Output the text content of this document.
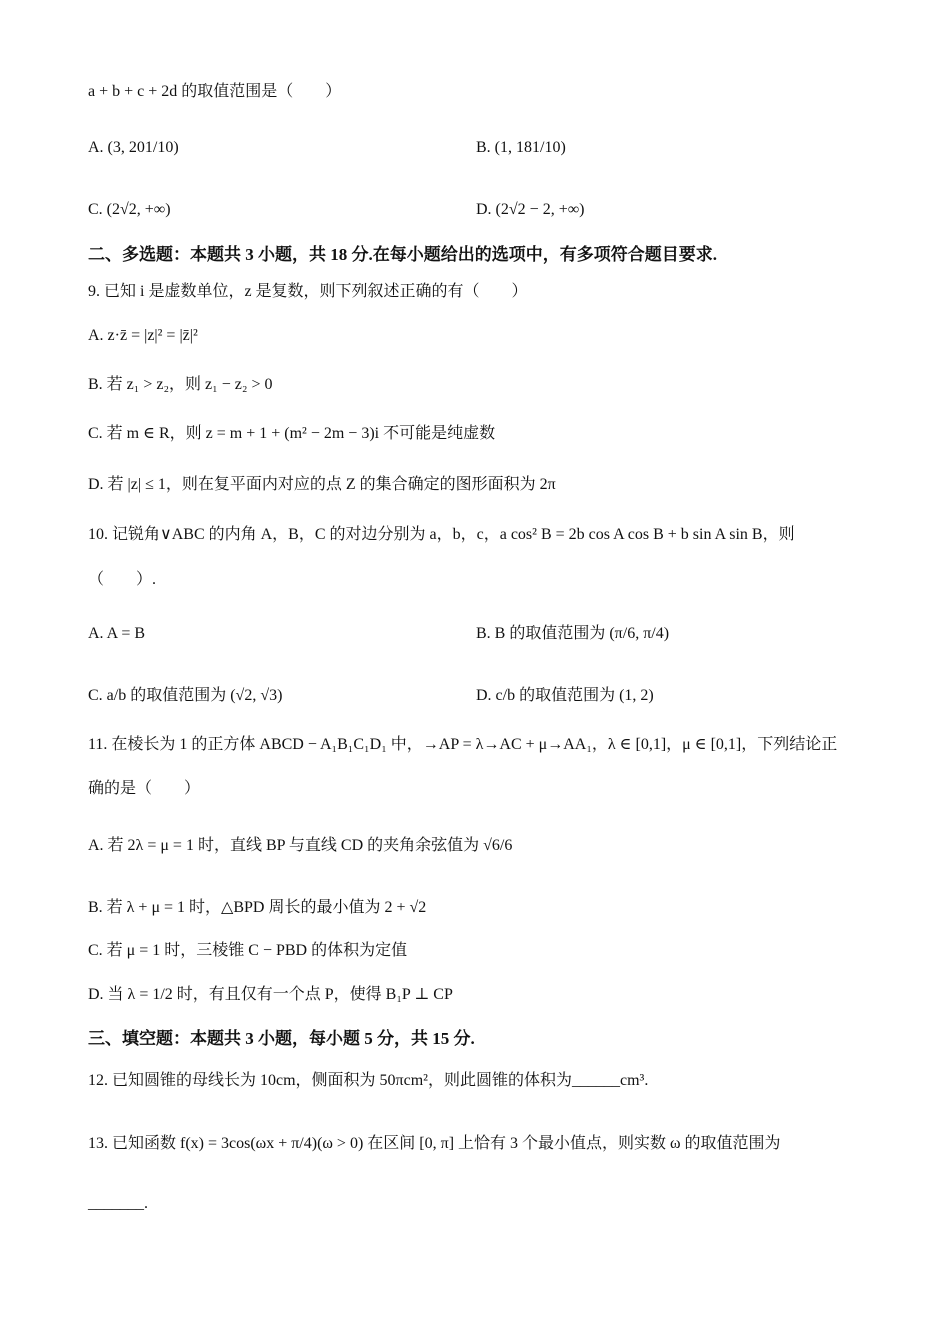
a + b + c + 2d 的取值范围是（　　）
A. (3, 201/10)	B. (1, 181/10)
C. (2√2, +∞)	D. (2√2 − 2, +∞)
二、多选题：本题共 3 小题，共 18 分.在每小题给出的选项中，有多项符合题目要求.
9. 已知 i 是虚数单位，z 是复数，则下列叙述正确的有（　　）
A. z·z̄ = |z|² = |z̄|²
B. 若 z₁ > z₂，则 z₁ − z₂ > 0
C. 若 m ∈ R，则 z = m + 1 + (m² − 2m − 3)i 不可能是纯虚数
D. 若 |z| ≤ 1，则在复平面内对应的点 Z 的集合确定的图形面积为 2π
10. 记锐角∨ABC 的内角 A，B，C 的对边分别为 a，b，c，a cos² B = 2b cos A cos B + b sin A sin B，则
（　　）.
A. A = B	B. B 的取值范围为 (π/6, π/4)
C. a/b 的取值范围为 (√2, √3)	D. c/b 的取值范围为 (1, 2)
11. 在棱长为 1 的正方体 ABCD − A₁B₁C₁D₁ 中，→AP = λ→AC + μ→AA₁，λ ∈ [0,1]，μ ∈ [0,1]，下列结论正
确的是（　　）
A. 若 2λ = μ = 1 时，直线 BP 与直线 CD 的夹角余弦值为 √6/6
B. 若 λ + μ = 1 时，△BPD 周长的最小值为 2 + √2
C. 若 μ = 1 时，三棱锥 C − PBD 的体积为定值
D. 当 λ = 1/2 时，有且仅有一个点 P，使得 B₁P ⊥ CP
三、填空题：本题共 3 小题，每小题 5 分，共 15 分.
12. 已知圆锥的母线长为 10cm，侧面积为 50πcm²，则此圆锥的体积为______cm³.
13. 已知函数 f(x) = 3cos(ωx + π/4)(ω > 0) 在区间 [0, π] 上恰有 3 个最小值点，则实数 ω 的取值范围为
_______.
